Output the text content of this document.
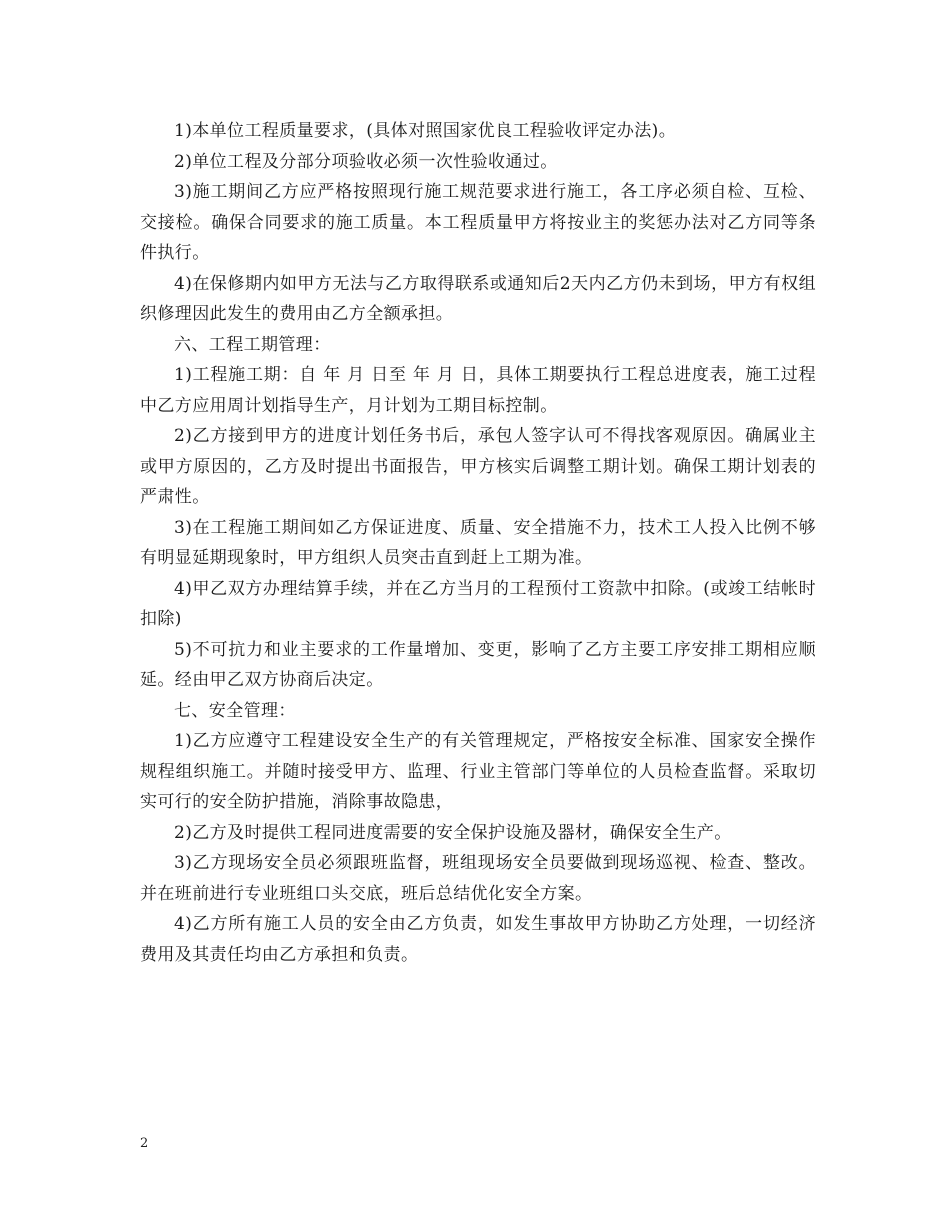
1)本单位工程质量要求，(具体对照国家优良工程验收评定办法)。

2)单位工程及分部分项验收必须一次性验收通过。

3)施工期间乙方应严格按照现行施工规范要求进行施工，各工序必须自检、互检、交接检。确保合同要求的施工质量。本工程质量甲方将按业主的奖惩办法对乙方同等条件执行。

4)在保修期内如甲方无法与乙方取得联系或通知后2天内乙方仍未到场，甲方有权组织修理因此发生的费用由乙方全额承担。

六、工程工期管理：

1)工程施工期：自 年 月 日至 年 月 日，具体工期要执行工程总进度表，施工过程中乙方应用周计划指导生产，月计划为工期目标控制。

2)乙方接到甲方的进度计划任务书后，承包人签字认可不得找客观原因。确属业主或甲方原因的，乙方及时提出书面报告，甲方核实后调整工期计划。确保工期计划表的严肃性。

3)在工程施工期间如乙方保证进度、质量、安全措施不力，技术工人投入比例不够有明显延期现象时，甲方组织人员突击直到赶上工期为准。

4)甲乙双方办理结算手续，并在乙方当月的工程预付工资款中扣除。(或竣工结帐时扣除)

5)不可抗力和业主要求的工作量增加、变更，影响了乙方主要工序安排工期相应顺延。经由甲乙双方协商后决定。

七、安全管理：

1)乙方应遵守工程建设安全生产的有关管理规定，严格按安全标准、国家安全操作规程组织施工。并随时接受甲方、监理、行业主管部门等单位的人员检查监督。采取切实可行的安全防护措施，消除事故隐患，

2)乙方及时提供工程同进度需要的安全保护设施及器材，确保安全生产。

3)乙方现场安全员必须跟班监督，班组现场安全员要做到现场巡视、检查、整改。并在班前进行专业班组口头交底，班后总结优化安全方案。

4)乙方所有施工人员的安全由乙方负责，如发生事故甲方协助乙方处理，一切经济费用及其责任均由乙方承担和负责。

2
